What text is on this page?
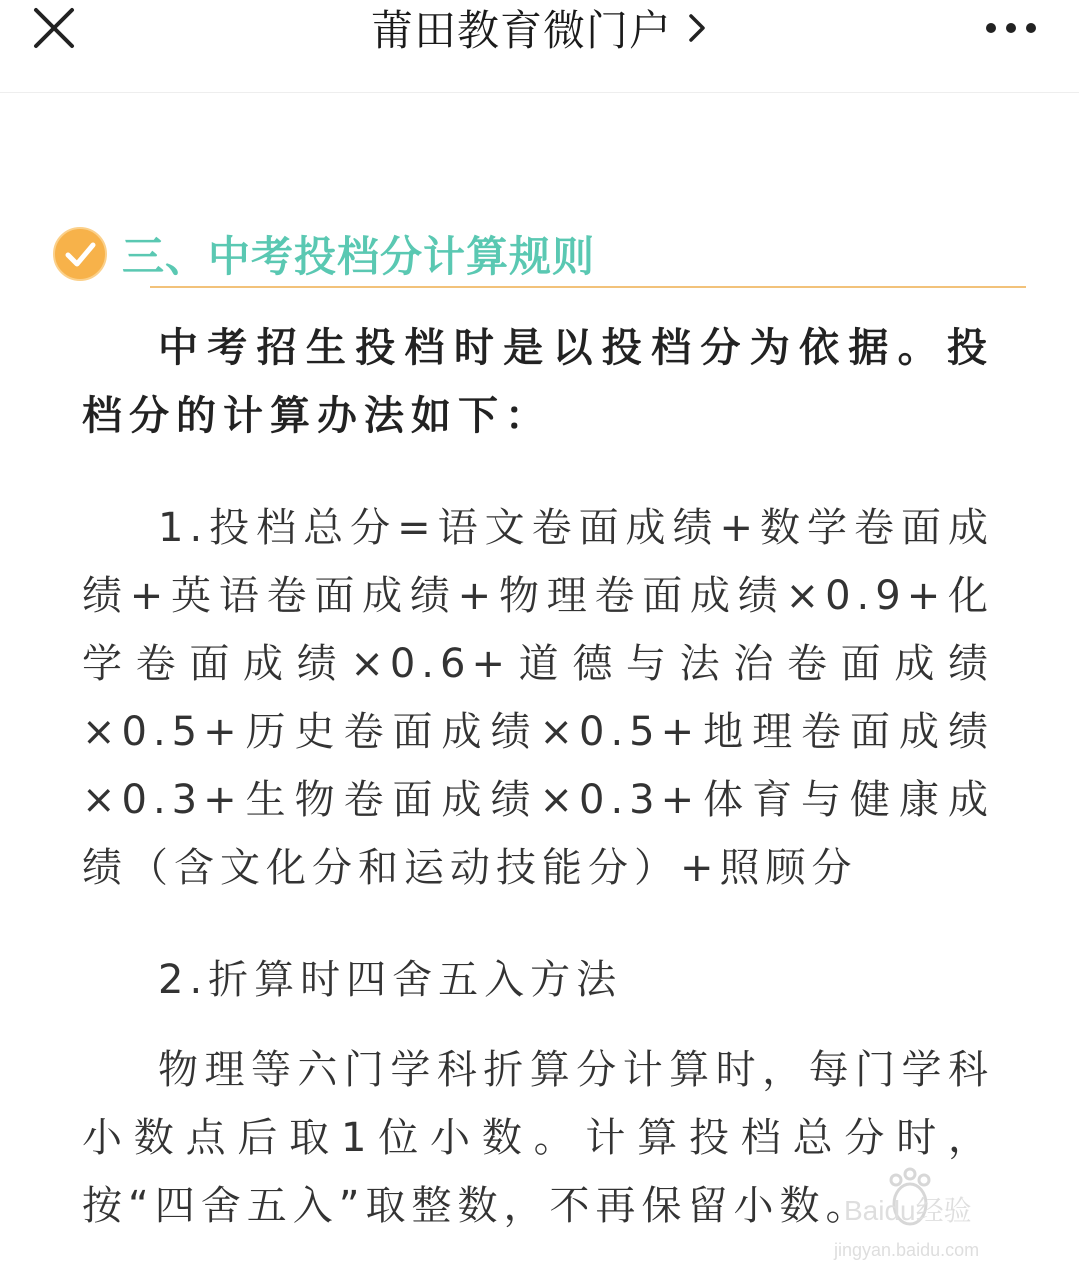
莆田教育微门户
三、中考投档分计算规则

中考招生投档时是以投档分为依据。投档分的计算办法如下：

1.投档总分=语文卷面成绩+数学卷面成绩+英语卷面成绩+物理卷面成绩×0.9+化学卷面成绩×0.6+道德与法治卷面成绩×0.5+历史卷面成绩×0.5+地理卷面成绩×0.3+生物卷面成绩×0.3+体育与健康成绩（含文化分和运动技能分）+照顾分

2.折算时四舍五入方法

物理等六门学科折算分计算时，每门学科小数点后取1位小数。计算投档总分时，按“四舍五入”取整数，不再保留小数。

Baidu经验
jingyan.baidu.com
